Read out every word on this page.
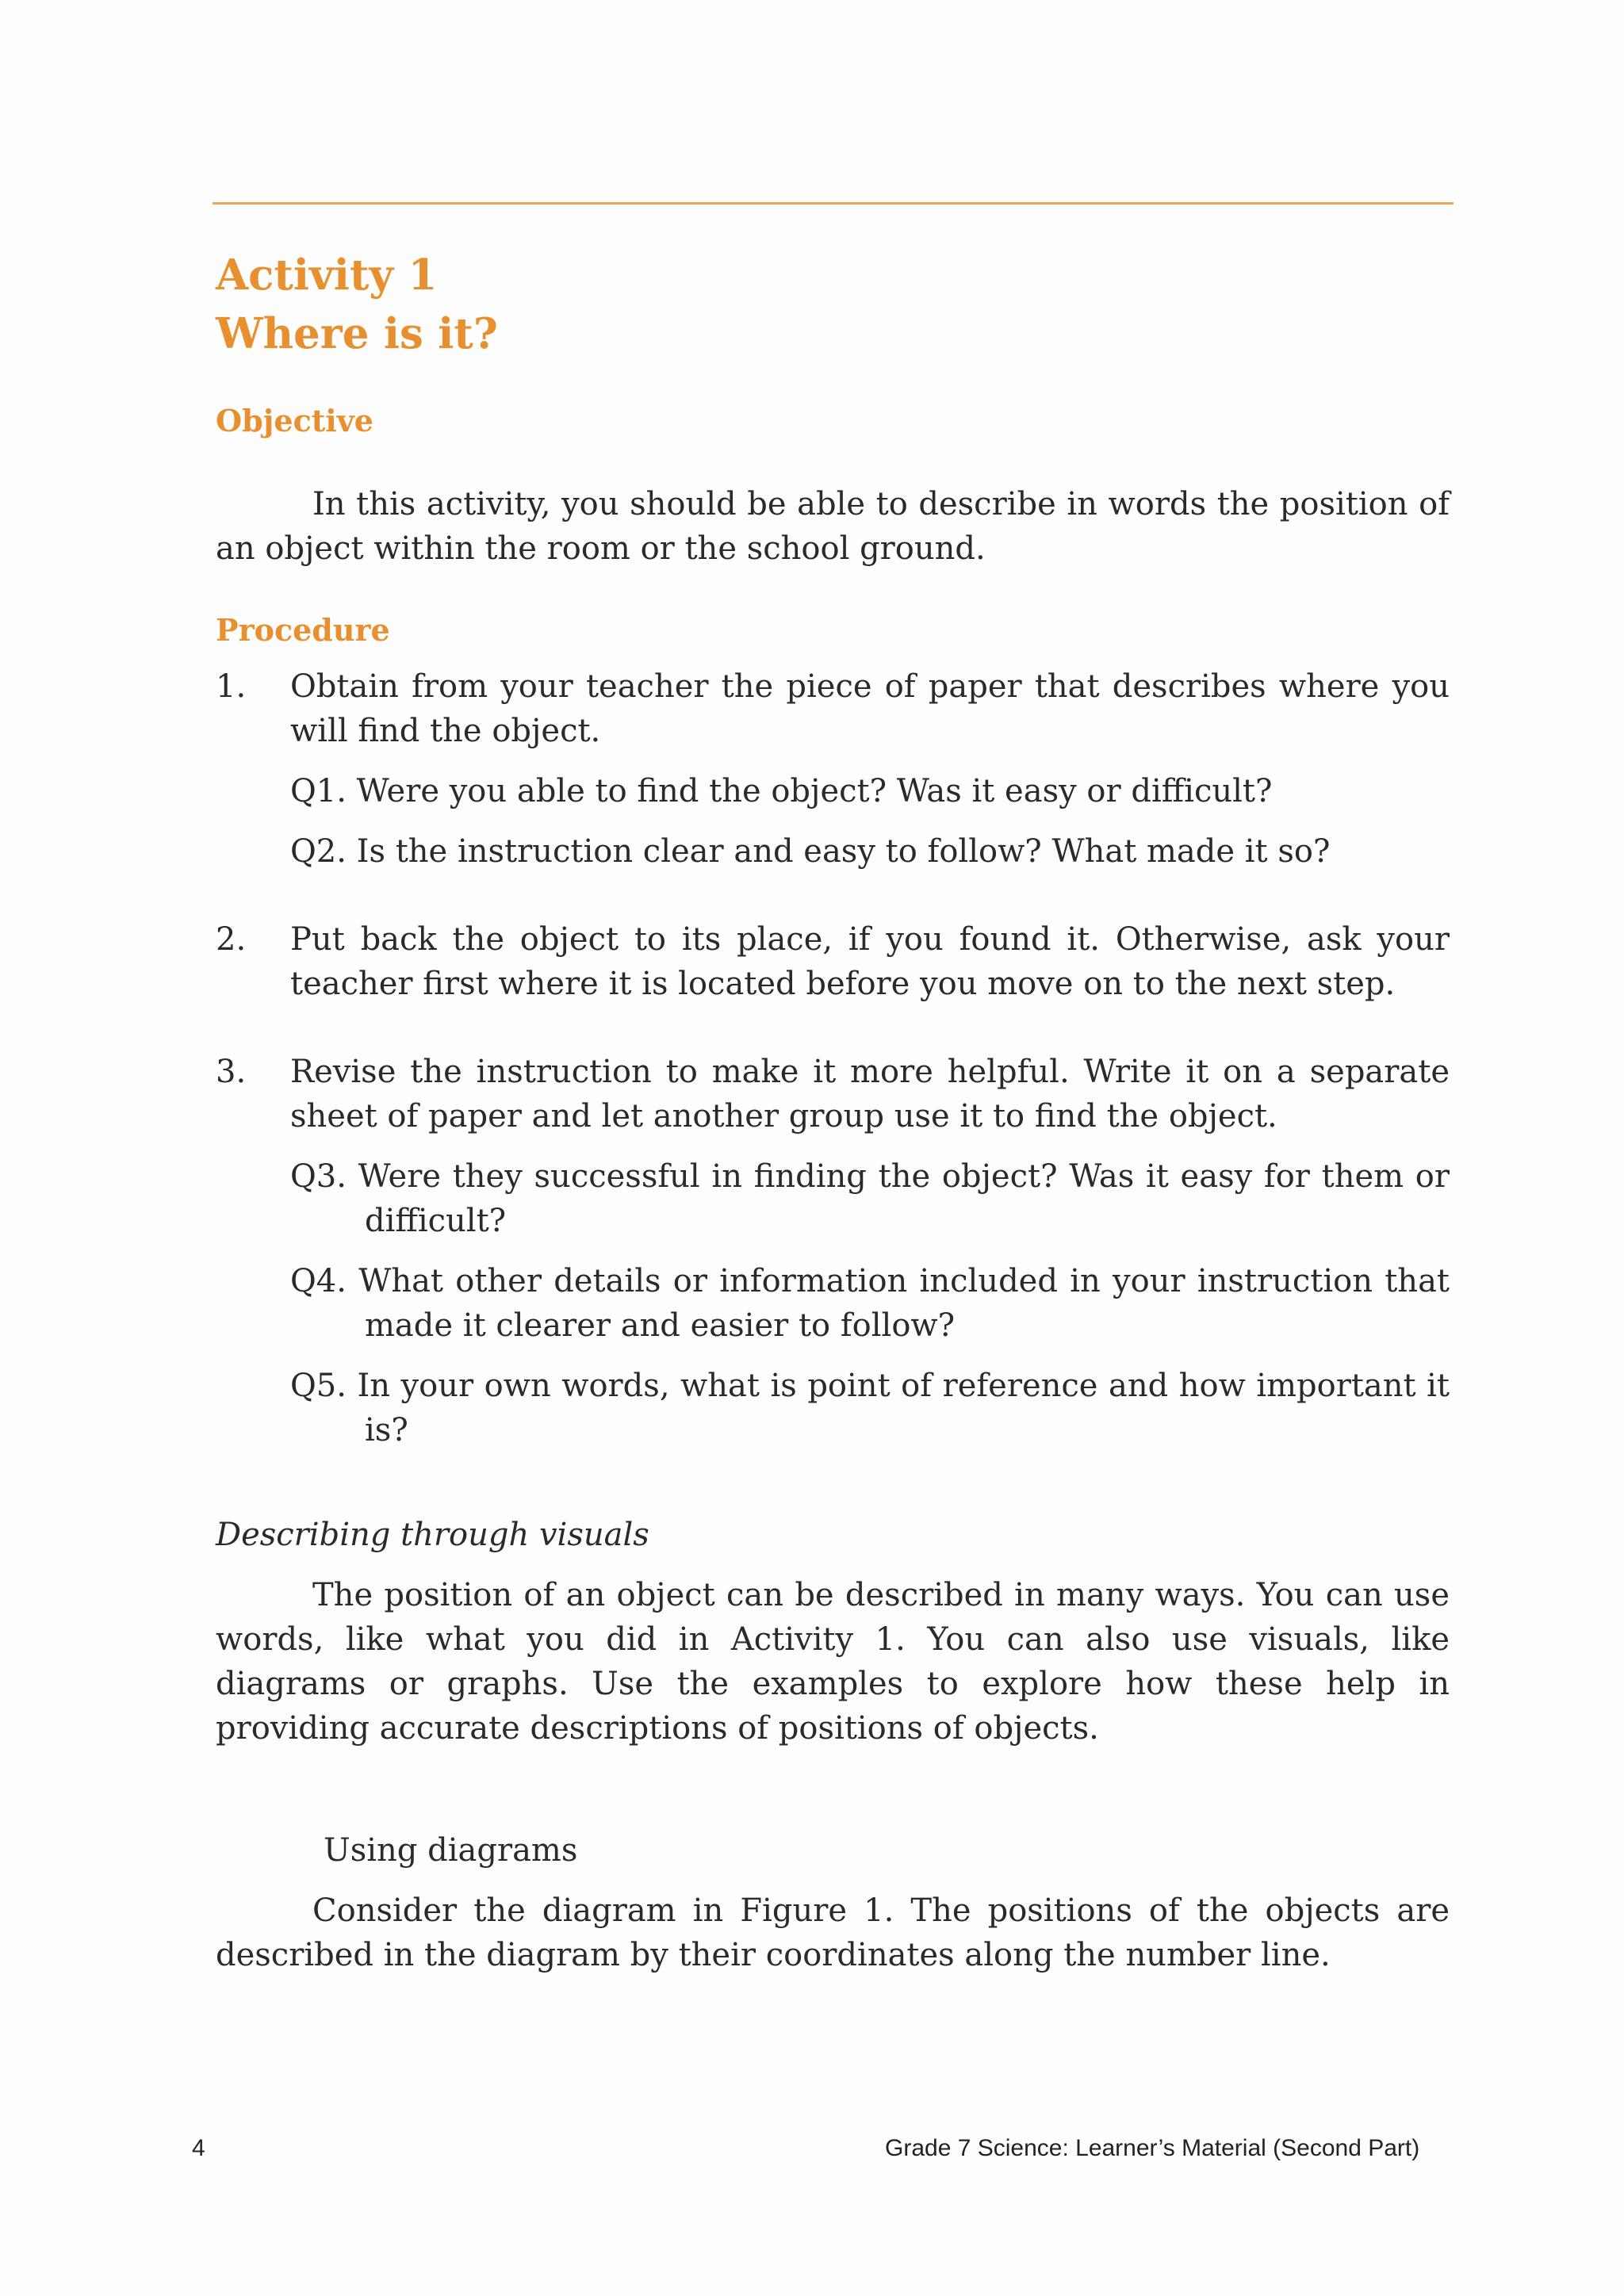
Activity 1
Where is it?
Objective

In this activity, you should be able to describe in words the position of an object within the room or the school ground.

Procedure
1. Obtain from your teacher the piece of paper that describes where you will find the object.

Q1. Were you able to find the object? Was it easy or difficult?

Q2. Is the instruction clear and easy to follow? What made it so?

2. Put back the object to its place, if you found it. Otherwise, ask your teacher first where it is located before you move on to the next step.

3. Revise the instruction to make it more helpful. Write it on a separate sheet of paper and let another group use it to find the object.

Q3. Were they successful in finding the object? Was it easy for them or difficult?

Q4. What other details or information included in your instruction that made it clearer and easier to follow?

Q5. In your own words, what is point of reference and how important it is?

Describing through visuals

The position of an object can be described in many ways. You can use words, like what you did in Activity 1. You can also use visuals, like diagrams or graphs. Use the examples to explore how these help in providing accurate descriptions of positions of objects.

Using diagrams

Consider the diagram in Figure 1. The positions of the objects are described in the diagram by their coordinates along the number line.

4	Grade 7 Science: Learner’s Material (Second Part)
